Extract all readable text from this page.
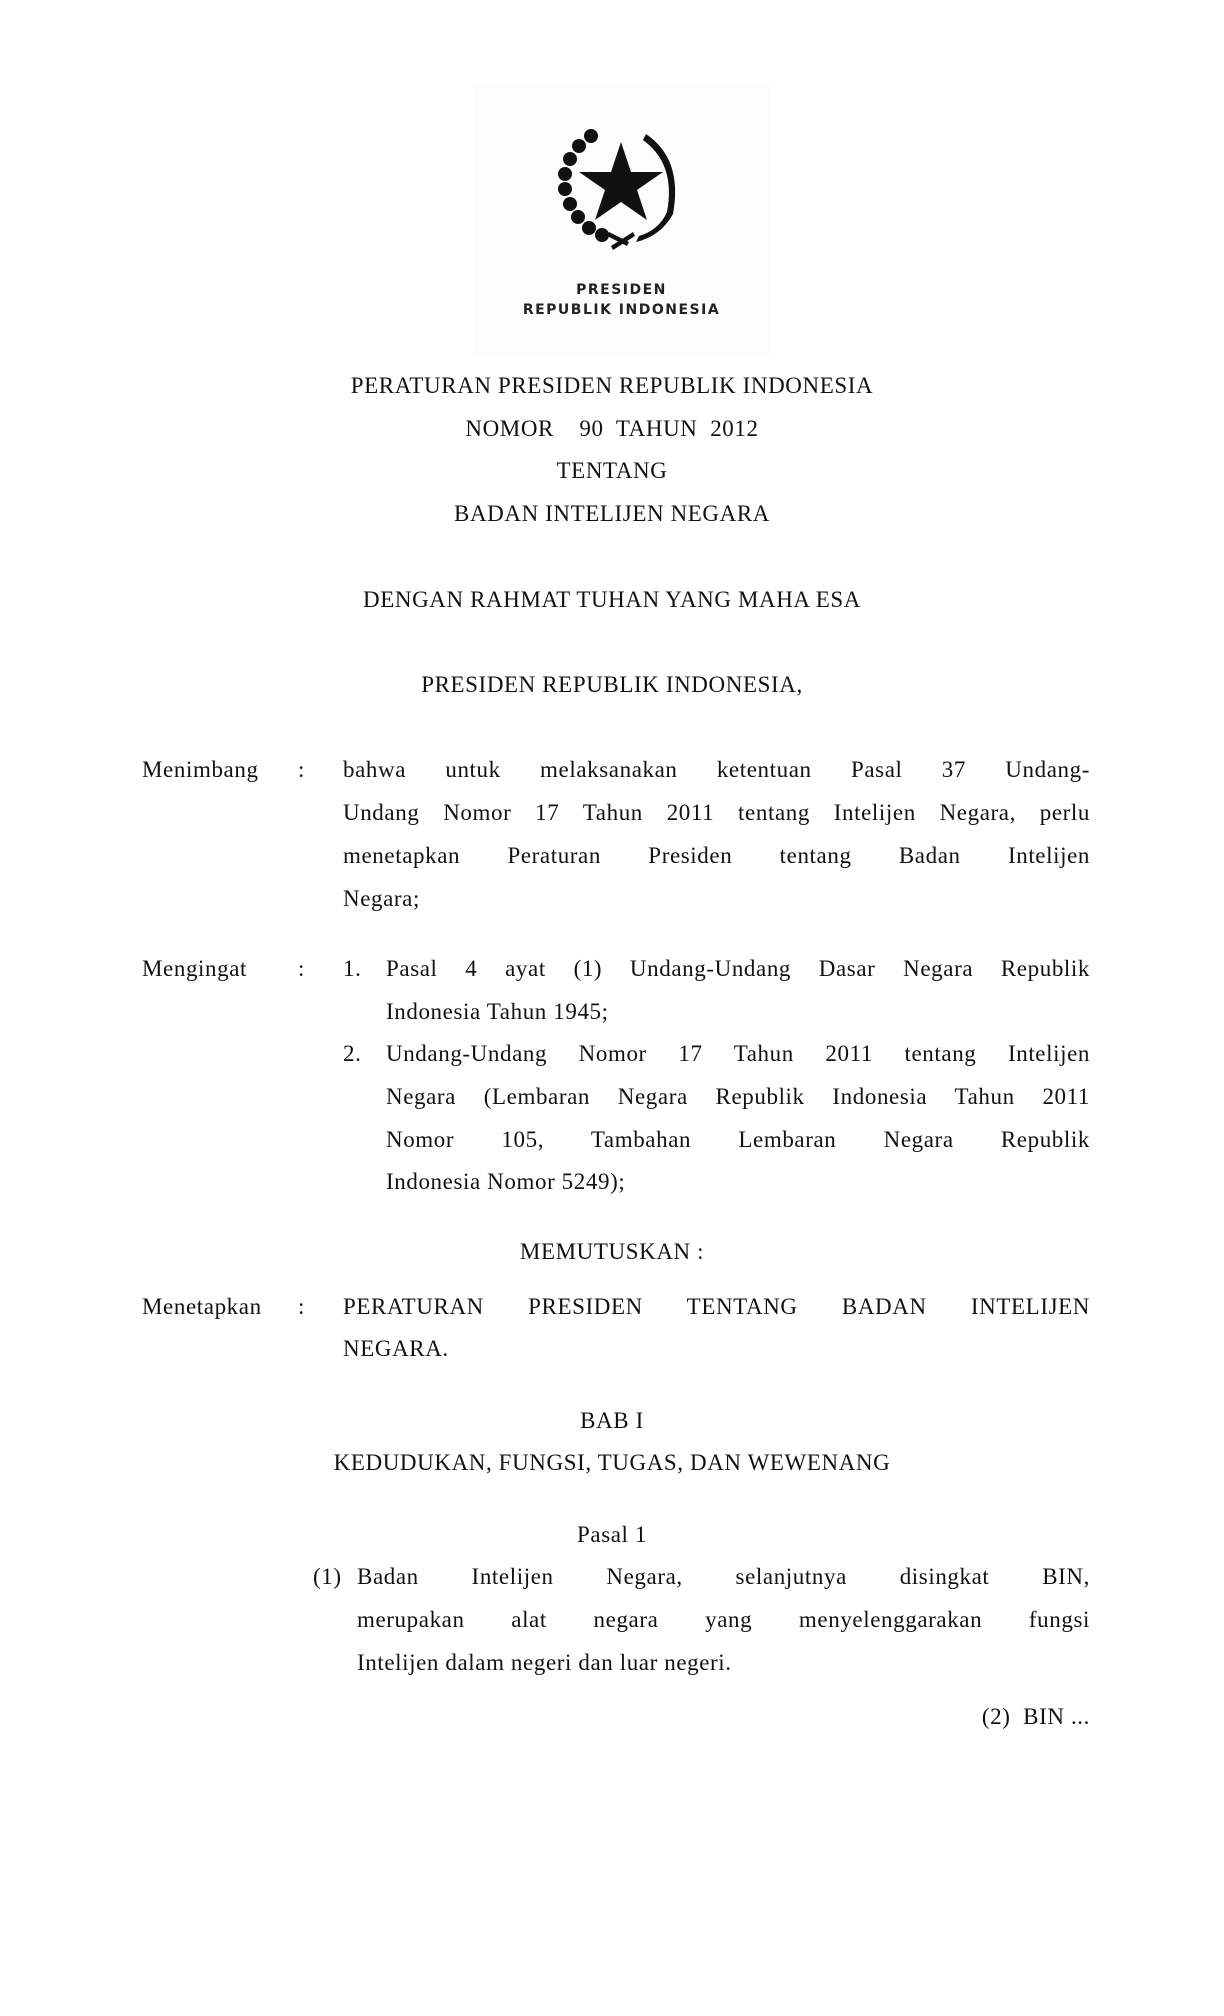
PRESIDEN
REPUBLIK INDONESIA
PERATURAN PRESIDEN REPUBLIK INDONESIA
NOMOR    90  TAHUN  2012
TENTANG
BADAN INTELIJEN NEGARA
DENGAN RAHMAT TUHAN YANG MAHA ESA
PRESIDEN REPUBLIK INDONESIA,
Menimbang : bahwa untuk melaksanakan ketentuan Pasal 37 Undang-
Undang Nomor 17 Tahun 2011 tentang Intelijen Negara, perlu
menetapkan Peraturan Presiden tentang Badan Intelijen
Negara;
Mengingat : 1. Pasal 4 ayat (1) Undang-Undang Dasar Negara Republik
Indonesia Tahun 1945;
2. Undang-Undang Nomor 17 Tahun 2011 tentang Intelijen
Negara (Lembaran Negara Republik Indonesia Tahun 2011
Nomor 105, Tambahan Lembaran Negara Republik
Indonesia Nomor 5249);
MEMUTUSKAN :
Menetapkan : PERATURAN PRESIDEN TENTANG BADAN INTELIJEN
NEGARA.
BAB I
KEDUDUKAN, FUNGSI, TUGAS, DAN WEWENANG
Pasal 1
(1) Badan Intelijen Negara, selanjutnya disingkat BIN,
merupakan alat negara yang menyelenggarakan fungsi
Intelijen dalam negeri dan luar negeri.
(2)  BIN ...
